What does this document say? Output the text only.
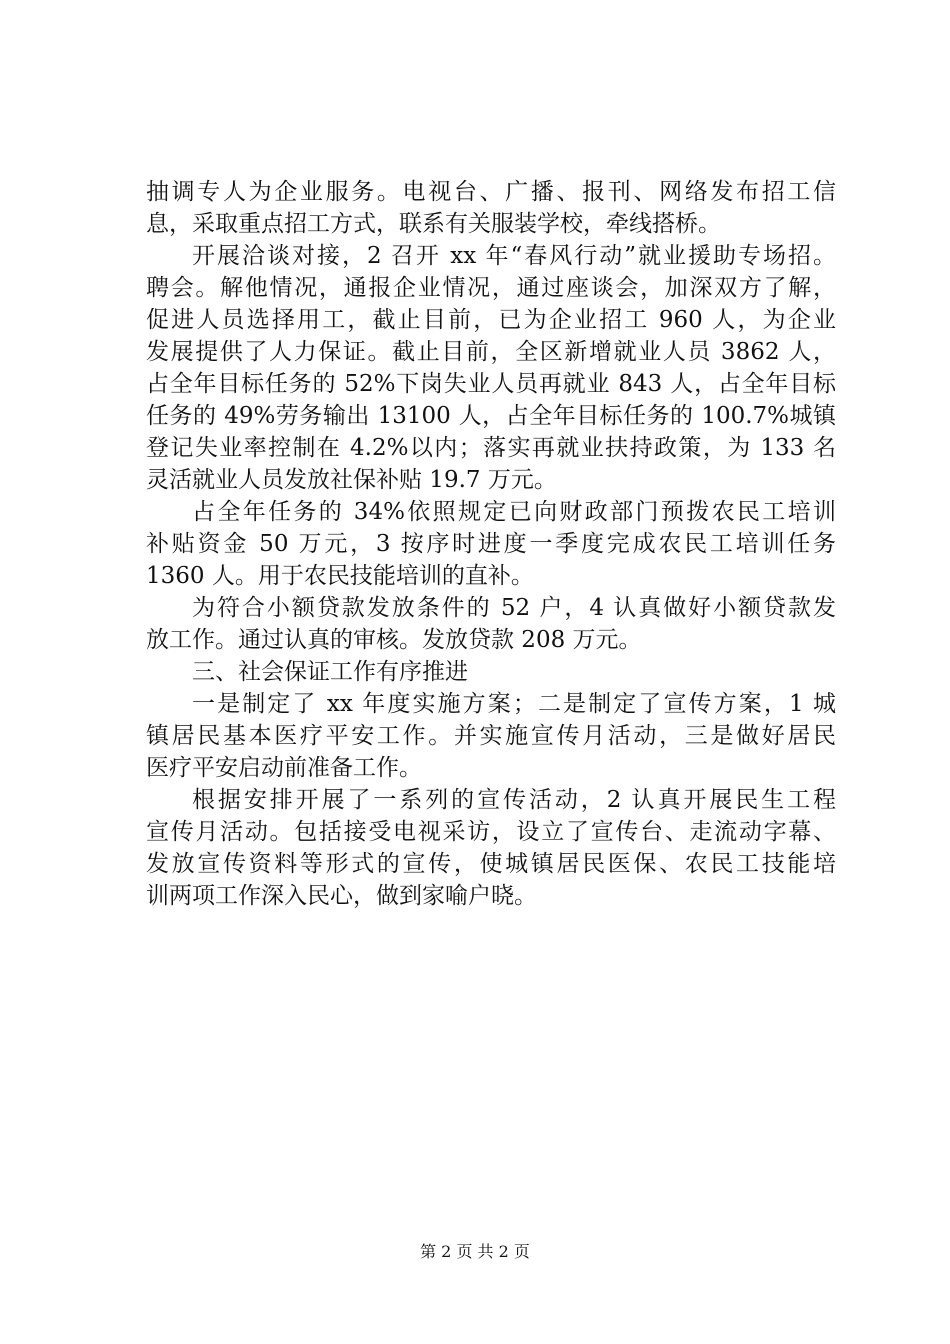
抽调专人为企业服务。电视台、广播、报刊、网络发布招工信
息，采取重点招工方式，联系有关服装学校，牵线搭桥。
开展洽谈对接，2 召开 xx 年“春风行动”就业援助专场招。
聘会。解他情况，通报企业情况，通过座谈会，加深双方了解，
促进人员选择用工，截止目前，已为企业招工 960 人，为企业
发展提供了人力保证。截止目前，全区新增就业人员 3862 人，
占全年目标任务的 52%下岗失业人员再就业 843 人，占全年目标
任务的 49%劳务输出 13100 人，占全年目标任务的 100.7%城镇
登记失业率控制在 4.2%以内；落实再就业扶持政策，为 133 名
灵活就业人员发放社保补贴 19.7 万元。
占全年任务的 34%依照规定已向财政部门预拨农民工培训
补贴资金 50 万元，3 按序时进度一季度完成农民工培训任务
1360 人。用于农民技能培训的直补。
为符合小额贷款发放条件的 52 户，4 认真做好小额贷款发
放工作。通过认真的审核。发放贷款 208 万元。
三、社会保证工作有序推进
一是制定了 xx 年度实施方案；二是制定了宣传方案，1 城
镇居民基本医疗平安工作。并实施宣传月活动，三是做好居民
医疗平安启动前准备工作。
根据安排开展了一系列的宣传活动，2 认真开展民生工程
宣传月活动。包括接受电视采访，设立了宣传台、走流动字幕、
发放宣传资料等形式的宣传，使城镇居民医保、农民工技能培
训两项工作深入民心，做到家喻户晓。
第 2 页 共 2 页
